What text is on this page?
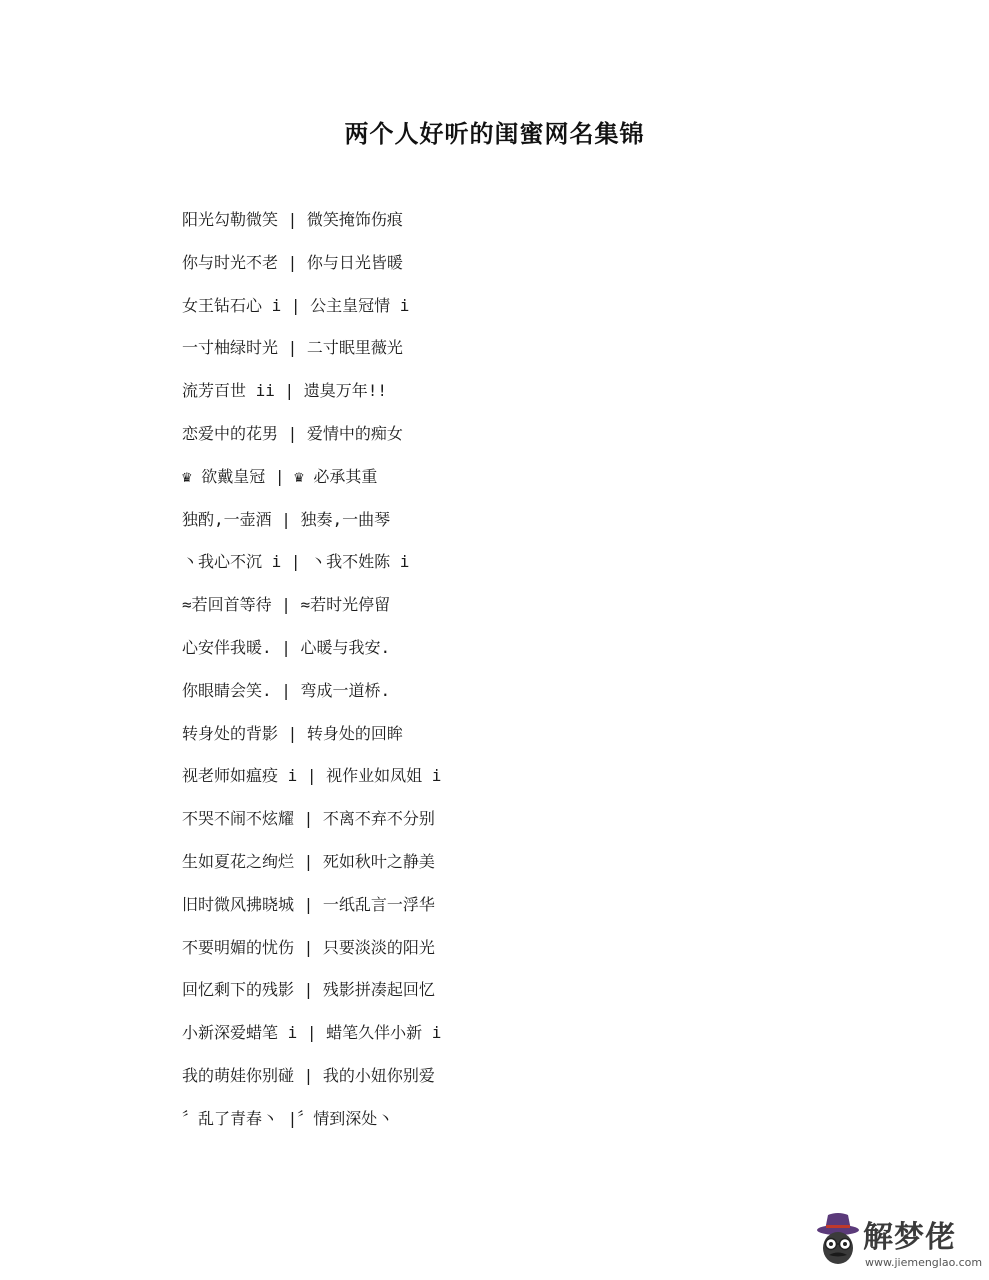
两个人好听的闺蜜网名集锦
阳光勾勒微笑 | 微笑掩饰伤痕
你与时光不老 | 你与日光皆暖
女王钻石心 i | 公主皇冠情 i
一寸柚绿时光 | 二寸眠里薇光
流芳百世 ii | 遗臭万年!!
恋爱中的花男 | 爱情中的痴女
♛ 欲戴皇冠 | ♛ 必承其重
独酌,一壶酒 | 独奏,一曲琴
丶我心不沉 i | 丶我不姓陈 i
≈若回首等待 | ≈若时光停留
心安伴我暖. | 心暖与我安.
你眼睛会笑. | 弯成一道桥.
转身处的背影 | 转身处的回眸
视老师如瘟疫 i | 视作业如凤姐 i
不哭不闹不炫耀 | 不离不弃不分别
生如夏花之绚烂 | 死如秋叶之静美
旧时微风拂晓城 | 一纸乱言一浮华
不要明媚的忧伤 | 只要淡淡的阳光
回忆剩下的残影 | 残影拼凑起回忆
小新深爱蜡笔 i | 蜡笔久伴小新 i
我的萌娃你别碰 | 我的小妞你别爱
〞乱了青春丶 |〞情到深处丶
解梦佬
www.jiemenglao.com
